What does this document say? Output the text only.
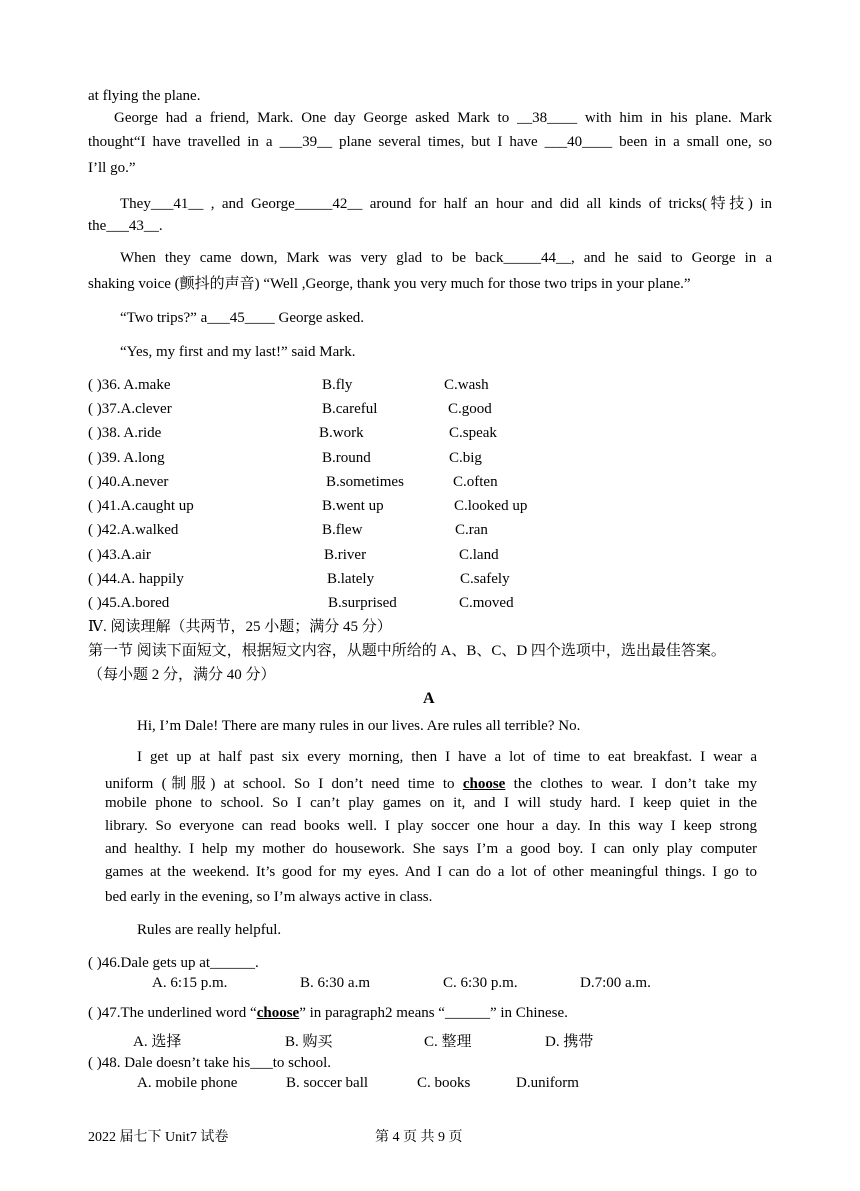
at flying the plane.
George had a friend, Mark. One day George asked Mark to __38____ with him in his plane. Mark
thought“I have travelled in a ___39__ plane several times, but I have ___40____ been in a small one, so
I’ll go.”
They___41__ , and George_____42__ around for half an hour and did all kinds of tricks(特技) in
the___43__.
When they came down, Mark was very glad to be back_____44__, and he said to George in a
shaking voice (颤抖的声音) “Well ,George, thank you very much for those two trips in your plane.”
“Two trips?” a___45____ George asked.
“Yes, my first and my last!” said Mark.
( )36. A.make	B.fly	C.wash
( )37.A.clever	B.careful	C.good
( )38. A.ride	B.work	C.speak
( )39. A.long	B.round	C.big
( )40.A.never	B.sometimes	C.often
( )41.A.caught up	B.went up	C.looked up
( )42.A.walked	B.flew	C.ran
( )43.A.air	B.river	C.land
( )44.A. happily	B.lately	C.safely
( )45.A.bored	B.surprised	C.moved
Ⅳ. 阅读理解（共两节，25 小题；满分 45 分）
第一节 阅读下面短文，根据短文内容，从题中所给的 A、B、C、D 四个选项中，选出最佳答案。
（每小题 2 分，满分 40 分）
A
Hi, I’m Dale! There are many rules in our lives. Are rules all terrible? No.
I get up at half past six every morning, then I have a lot of time to eat breakfast. I wear a
uniform (制服) at school. So I don’t need time to choose the clothes to wear. I don’t take my
mobile phone to school. So I can’t play games on it, and I will study hard. I keep quiet in the
library. So everyone can read books well. I play soccer one hour a day. In this way I keep strong
and healthy. I help my mother do housework. She says I’m a good boy. I can only play computer
games at the weekend. It’s good for my eyes. And I can do a lot of other meaningful things. I go to
bed early in the evening, so I’m always active in class.
Rules are really helpful.
( )46.Dale gets up at______.
A. 6:15 p.m.	B. 6:30 a.m	C. 6:30 p.m.	D.7:00 a.m.
( )47.The underlined word “choose” in paragraph2 means “______” in Chinese.
A. 选择	B. 购买	C. 整理	D. 携带
( )48. Dale doesn’t take his___to school.
A. mobile phone	B. soccer ball	C. books	D.uniform
2022 届七下 Unit7 试卷	第 4 页 共 9 页
